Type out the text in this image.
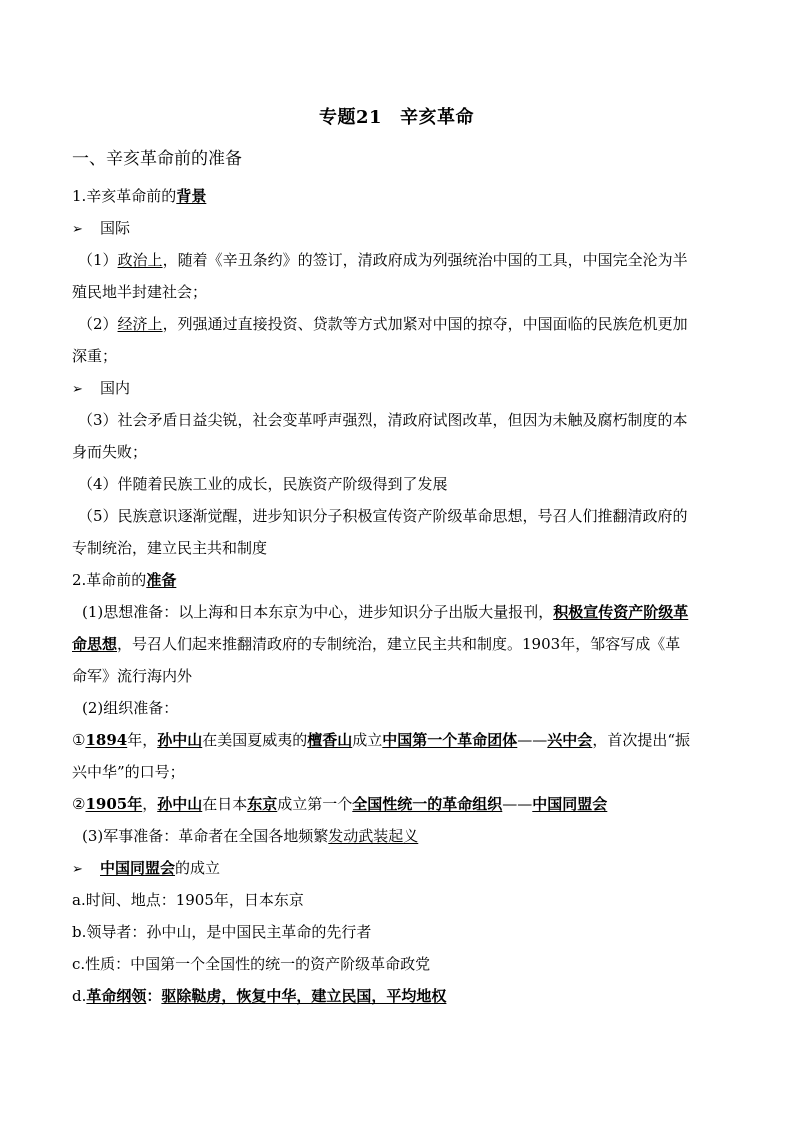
专题21 辛亥革命
一、辛亥革命前的准备
1.辛亥革命前的背景
➢ 国际
（1）政治上，随着《辛丑条约》的签订，清政府成为列强统治中国的工具，中国完全沦为半
殖民地半封建社会；
（2）经济上，列强通过直接投资、贷款等方式加紧对中国的掠夺，中国面临的民族危机更加
深重；
➢ 国内
（3）社会矛盾日益尖锐，社会变革呼声强烈，清政府试图改革，但因为未触及腐朽制度的本
身而失败；
（4）伴随着民族工业的成长，民族资产阶级得到了发展
（5）民族意识逐渐觉醒，进步知识分子积极宣传资产阶级革命思想，号召人们推翻清政府的
专制统治，建立民主共和制度
2.革命前的准备
(1)思想准备：以上海和日本东京为中心，进步知识分子出版大量报刊，积极宣传资产阶级革
命思想，号召人们起来推翻清政府的专制统治，建立民主共和制度。1903年，邹容写成《革
命军》流行海内外
(2)组织准备：
①1894年，孙中山在美国夏威夷的檀香山成立中国第一个革命团体——兴中会，首次提出“振
兴中华”的口号；
②1905年，孙中山在日本东京成立第一个全国性统一的革命组织——中国同盟会
(3)军事准备：革命者在全国各地频繁发动武装起义
➢ 中国同盟会的成立
a.时间、地点：1905年，日本东京
b.领导者：孙中山，是中国民主革命的先行者
c.性质：中国第一个全国性的统一的资产阶级革命政党
d.革命纲领：驱除鞑虏，恢复中华，建立民国，平均地权
